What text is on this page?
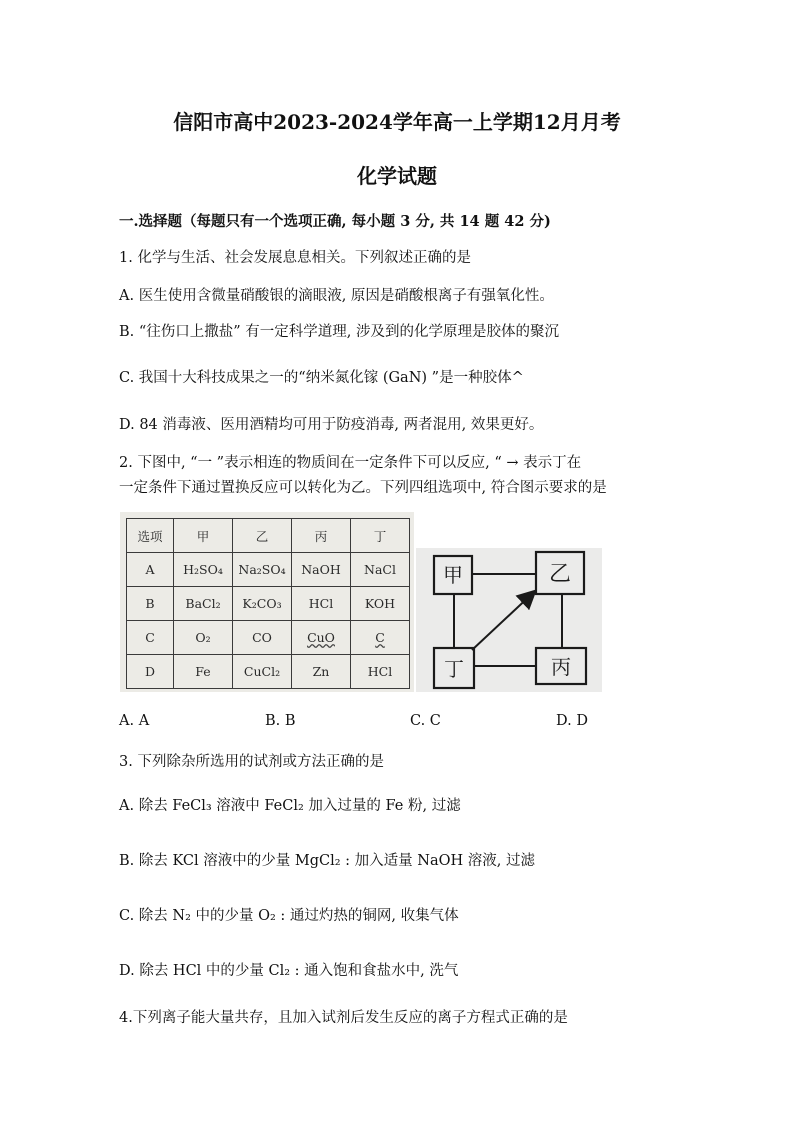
信阳市高中2023-2024学年高一上学期12月月考
化学试题
一.选择题（每题只有一个选项正确, 每小题 3 分, 共 14 题 42 分)
1. 化学与生活、社会发展息息相关。下列叙述正确的是
A. 医生使用含微量硝酸银的滴眼液, 原因是硝酸根离子有强氧化性。
B. “往伤口上撒盐” 有一定科学道理, 涉及到的化学原理是胶体的聚沉
C. 我国十大科技成果之一的“纳米氮化镓 (GaN) ”是一种胶体^
D. 84 消毒液、医用酒精均可用于防疫消毒, 两者混用, 效果更好。
2. 下图中, “一 ”表示相连的物质间在一定条件下可以反应, “ → 表示丁在
一定条件下通过置换反应可以转化为乙。下列四组选项中, 符合图示要求的是
选项	甲	乙	丙	丁
A	H₂SO₄	Na₂SO₄	NaOH	NaCl
B	BaCl₂	K₂CO₃	HCl	KOH
C	O₂	CO	CuO	C
D	Fe	CuCl₂	Zn	HCl
甲	乙
丁	丙
A. A	B. B	C. C	D. D
3. 下列除杂所选用的试剂或方法正确的是
A. 除去 FeCl₃ 溶液中 FeCl₂ 加入过量的 Fe 粉, 过滤
B. 除去 KCl 溶液中的少量 MgCl₂ : 加入适量 NaOH 溶液, 过滤
C. 除去 N₂ 中的少量 O₂ : 通过灼热的铜网, 收集气体
D. 除去 HCl 中的少量 Cl₂ : 通入饱和食盐水中, 洗气
4.下列离子能大量共存，且加入试剂后发生反应的离子方程式正确的是
